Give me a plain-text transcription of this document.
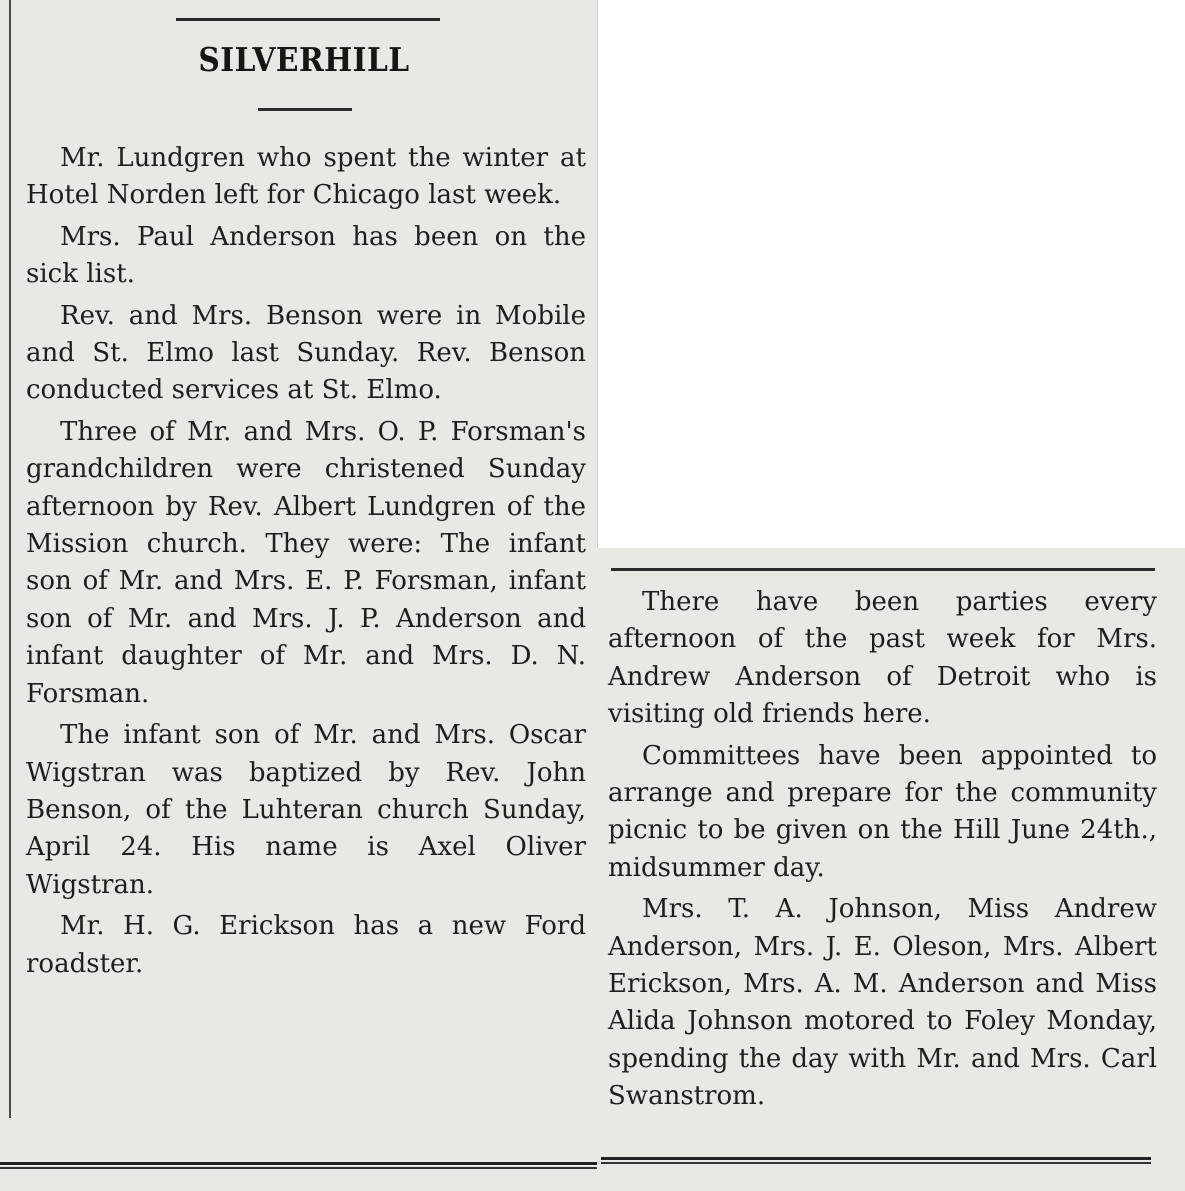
SILVERHILL

Mr. Lundgren who spent the winter at Hotel Norden left for Chicago last week.

Mrs. Paul Anderson has been on the sick list.

Rev. and Mrs. Benson were in Mobile and St. Elmo last Sunday. Rev. Benson conducted services at St. Elmo.

Three of Mr. and Mrs. O. P. Forsman's grandchildren were christened Sunday afternoon by Rev. Albert Lundgren of the Mission church. They were: The infant son of Mr. and Mrs. E. P. Forsman, infant son of Mr. and Mrs. J. P. Anderson and infant daughter of Mr. and Mrs. D. N. Forsman.

The infant son of Mr. and Mrs. Oscar Wigstran was baptized by Rev. John Benson, of the Luhteran church Sunday, April 24. His name is Axel Oliver Wigstran.

Mr. H. G. Erickson has a new Ford roadster.

There have been parties every afternoon of the past week for Mrs. Andrew Anderson of Detroit who is visiting old friends here.

Committees have been appointed to arrange and prepare for the community picnic to be given on the Hill June 24th., midsummer day.

Mrs. T. A. Johnson, Miss Andrew Anderson, Mrs. J. E. Oleson, Mrs. Albert Erickson, Mrs. A. M. Anderson and Miss Alida Johnson motored to Foley Monday, spending the day with Mr. and Mrs. Carl Swanstrom.
